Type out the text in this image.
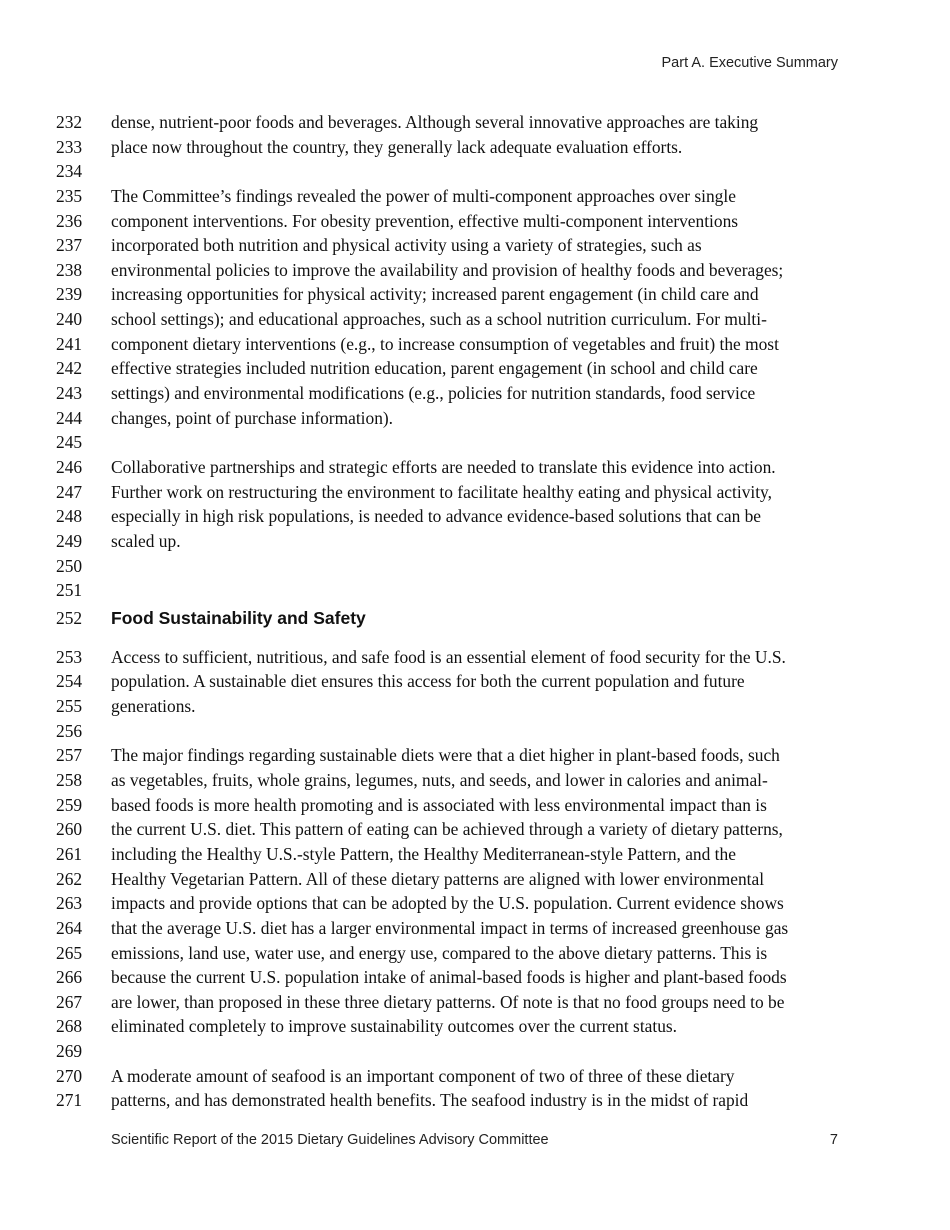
Part A. Executive Summary
232 dense, nutrient-poor foods and beverages. Although several innovative approaches are taking
233 place now throughout the country, they generally lack adequate evaluation efforts.
234
235 The Committee’s findings revealed the power of multi-component approaches over single
236 component interventions. For obesity prevention, effective multi-component interventions
237 incorporated both nutrition and physical activity using a variety of strategies, such as
238 environmental policies to improve the availability and provision of healthy foods and beverages;
239 increasing opportunities for physical activity; increased parent engagement (in child care and
240 school settings); and educational approaches, such as a school nutrition curriculum. For multi-
241 component dietary interventions (e.g., to increase consumption of vegetables and fruit) the most
242 effective strategies included nutrition education, parent engagement (in school and child care
243 settings) and environmental modifications (e.g., policies for nutrition standards, food service
244 changes, point of purchase information).
245
246 Collaborative partnerships and strategic efforts are needed to translate this evidence into action.
247 Further work on restructuring the environment to facilitate healthy eating and physical activity,
248 especially in high risk populations, is needed to advance evidence-based solutions that can be
249 scaled up.
250
251
252 Food Sustainability and Safety
253 Access to sufficient, nutritious, and safe food is an essential element of food security for the U.S.
254 population. A sustainable diet ensures this access for both the current population and future
255 generations.
256
257 The major findings regarding sustainable diets were that a diet higher in plant-based foods, such
258 as vegetables, fruits, whole grains, legumes, nuts, and seeds, and lower in calories and animal-
259 based foods is more health promoting and is associated with less environmental impact than is
260 the current U.S. diet. This pattern of eating can be achieved through a variety of dietary patterns,
261 including the Healthy U.S.-style Pattern, the Healthy Mediterranean-style Pattern, and the
262 Healthy Vegetarian Pattern. All of these dietary patterns are aligned with lower environmental
263 impacts and provide options that can be adopted by the U.S. population. Current evidence shows
264 that the average U.S. diet has a larger environmental impact in terms of increased greenhouse gas
265 emissions, land use, water use, and energy use, compared to the above dietary patterns. This is
266 because the current U.S. population intake of animal-based foods is higher and plant-based foods
267 are lower, than proposed in these three dietary patterns. Of note is that no food groups need to be
268 eliminated completely to improve sustainability outcomes over the current status.
269
270 A moderate amount of seafood is an important component of two of three of these dietary
271 patterns, and has demonstrated health benefits. The seafood industry is in the midst of rapid
Scientific Report of the 2015 Dietary Guidelines Advisory Committee	7
